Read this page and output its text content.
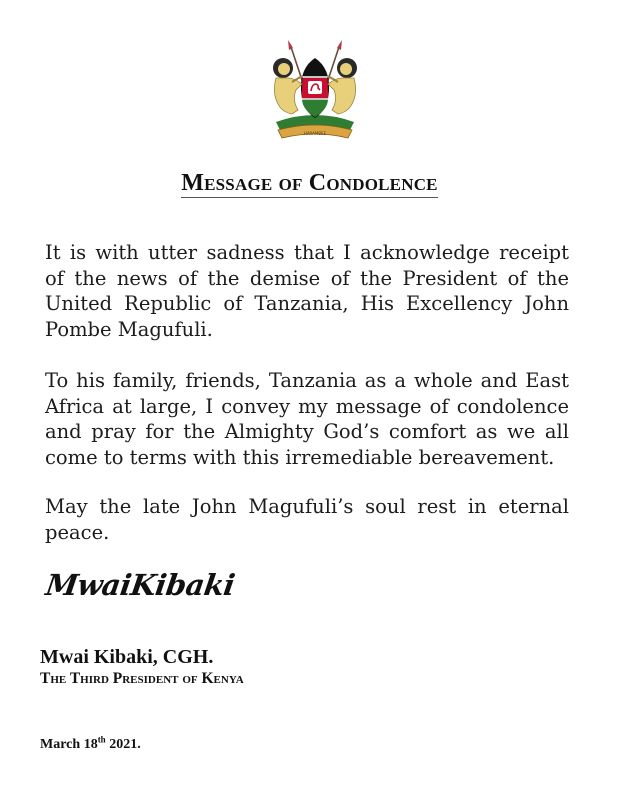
HARAMBEE
Message of Condolence

It is with utter sadness that I acknowledge receipt of the news of the demise of the President of the United Republic of Tanzania, His Excellency John Pombe Magufuli.

To his family, friends, Tanzania as a whole and East Africa at large, I convey my message of condolence and pray for the Almighty God’s comfort as we all come to terms with this irremediable bereavement.

May the late John Magufuli’s soul rest in eternal peace.

MwaiKibaki
Mwai Kibaki, CGH.
The Third President of Kenya
March 18th 2021.
